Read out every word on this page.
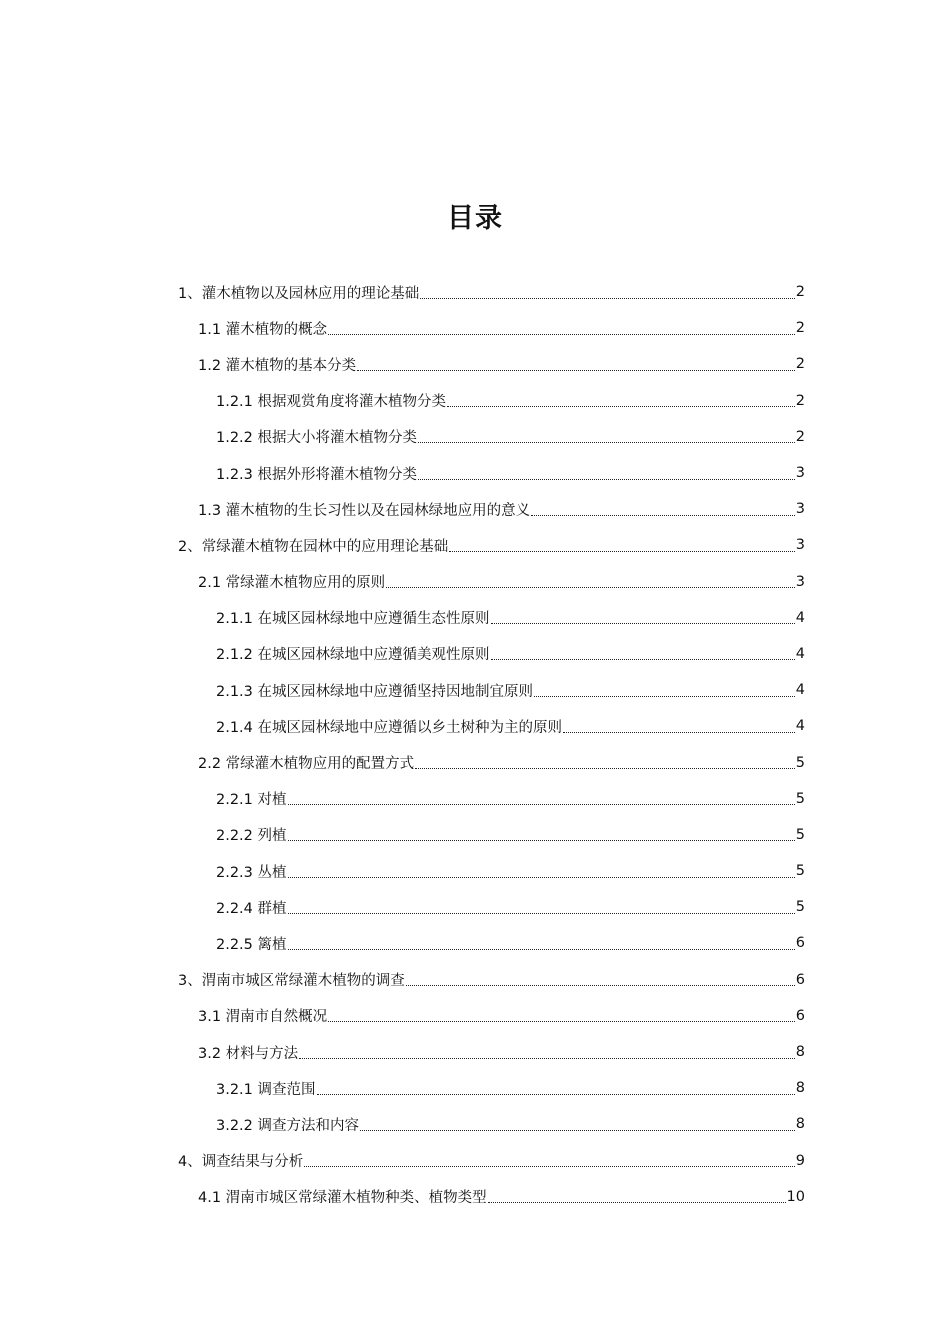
目录
1、灌木植物以及园林应用的理论基础	2
1.1 灌木植物的概念	2
1.2 灌木植物的基本分类	2
1.2.1 根据观赏角度将灌木植物分类	2
1.2.2 根据大小将灌木植物分类	2
1.2.3 根据外形将灌木植物分类	3
1.3 灌木植物的生长习性以及在园林绿地应用的意义	3
2、常绿灌木植物在园林中的应用理论基础	3
2.1 常绿灌木植物应用的原则	3
2.1.1 在城区园林绿地中应遵循生态性原则	4
2.1.2 在城区园林绿地中应遵循美观性原则	4
2.1.3 在城区园林绿地中应遵循坚持因地制宜原则	4
2.1.4 在城区园林绿地中应遵循以乡土树种为主的原则	4
2.2 常绿灌木植物应用的配置方式	5
2.2.1 对植	5
2.2.2 列植	5
2.2.3 丛植	5
2.2.4 群植	5
2.2.5 篱植	6
3、渭南市城区常绿灌木植物的调查	6
3.1 渭南市自然概况	6
3.2 材料与方法	8
3.2.1 调查范围	8
3.2.2 调查方法和内容	8
4、调查结果与分析	9
4.1 渭南市城区常绿灌木植物种类、植物类型	10
